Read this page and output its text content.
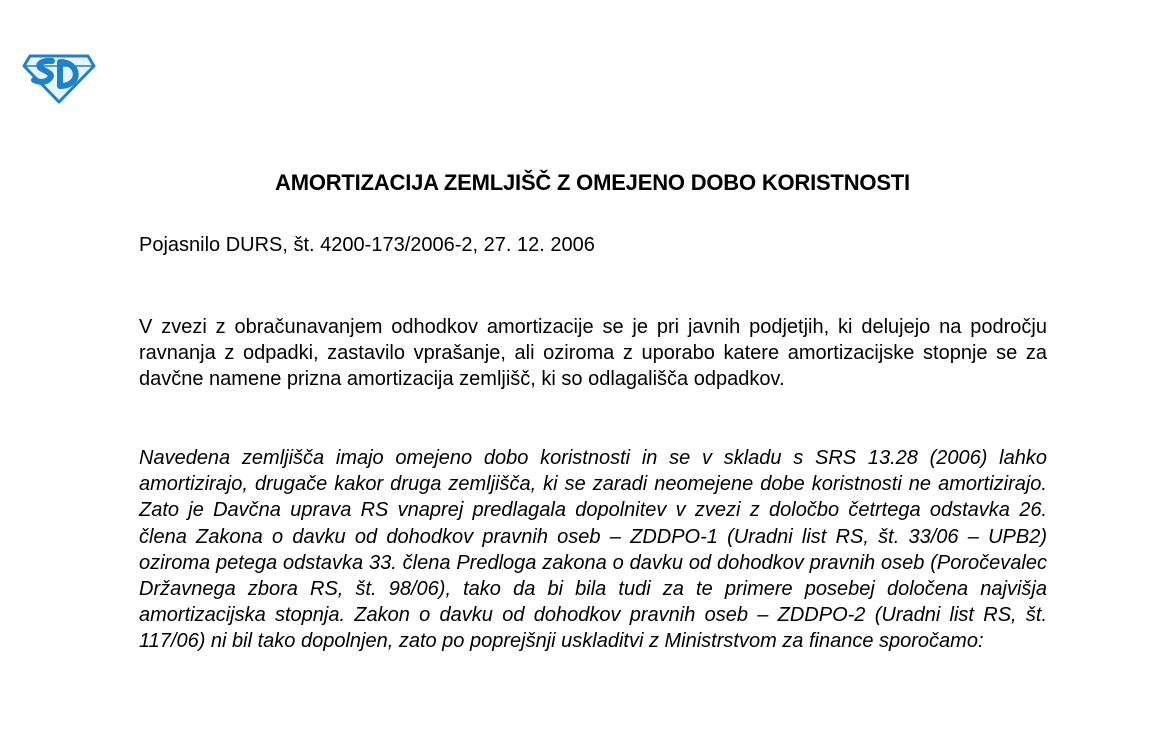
AMORTIZACIJA ZEMLJIŠČ Z OMEJENO DOBO KORISTNOSTI

Pojasnilo DURS, št. 4200-173/2006-2, 27. 12. 2006

V zvezi z obračunavanjem odhodkov amortizacije se je pri javnih podjetjih, ki delujejo na področju ravnanja z odpadki, zastavilo vprašanje, ali oziroma z uporabo katere amortizacijske stopnje se za davčne namene prizna amortizacija zemljišč, ki so odlagališča odpadkov.

Navedena zemljišča imajo omejeno dobo koristnosti in se v skladu s SRS 13.28 (2006) lahko amortizirajo, drugače kakor druga zemljišča, ki se zaradi neomejene dobe koristnosti ne amortizirajo. Zato je Davčna uprava RS vnaprej predlagala dopolnitev v zvezi z določbo četrtega odstavka 26. člena Zakona o davku od dohodkov pravnih oseb – ZDDPO-1 (Uradni list RS, št. 33/06 – UPB2) oziroma petega odstavka 33. člena Predloga zakona o davku od dohodkov pravnih oseb (Poročevalec Državnega zbora RS, št. 98/06), tako da bi bila tudi za te primere posebej določena najvišja amortizacijska stopnja. Zakon o davku od dohodkov pravnih oseb – ZDDPO-2 (Uradni list RS, št. 117/06) ni bil tako dopolnjen, zato po poprejšnji uskladitvi z Ministrstvom za finance sporočamo:
